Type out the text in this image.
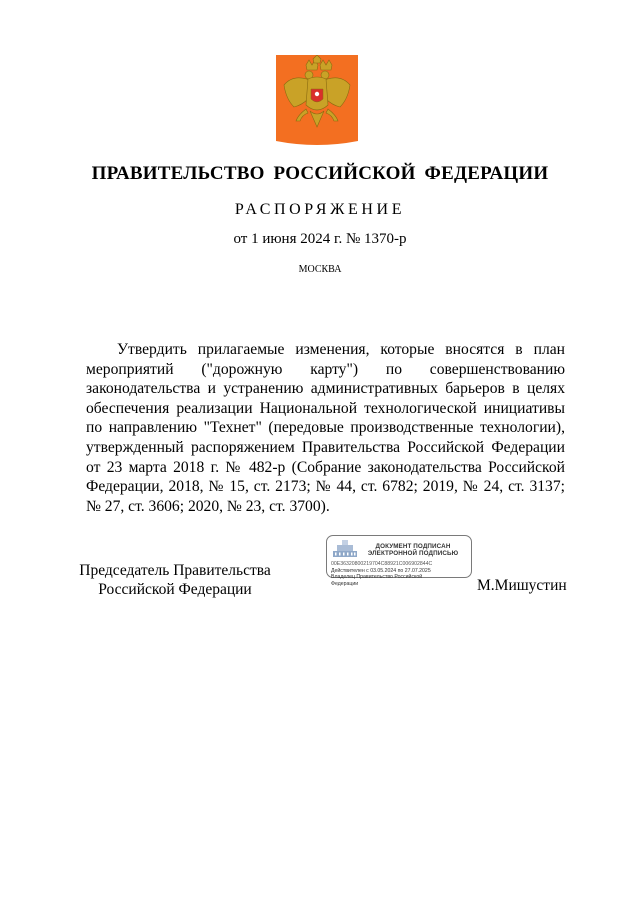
ПРАВИТЕЛЬСТВО РОССИЙСКОЙ ФЕДЕРАЦИИ
РАСПОРЯЖЕНИЕ
от 1 июня 2024 г. № 1370-р
МОСКВА
Утвердить прилагаемые изменения, которые вносятся в план мероприятий ("дорожную карту") по совершенствованию законодательства и устранению административных барьеров в целях обеспечения реализации Национальной технологической инициативы по направлению "Технет" (передовые производственные технологии), утвержденный распоряжением Правительства Российской Федерации от 23 марта 2018 г. № 482-р (Собрание законодательства Российской Федерации, 2018, № 15, ст. 2173; № 44, ст. 6782; 2019, № 24, ст. 3137; № 27, ст. 3606; 2020, № 23, ст. 3700).
Председатель Правительства
Российской Федерации
ДОКУМЕНТ ПОДПИСАН
ЭЛЕКТРОННОЙ ПОДПИСЬЮ
00E36320800219704C88921C006902844C
Действителен с 03.05.2024 по 27.07.2025
Владелец Правительство Российской
Федерации	М.Мишустин
